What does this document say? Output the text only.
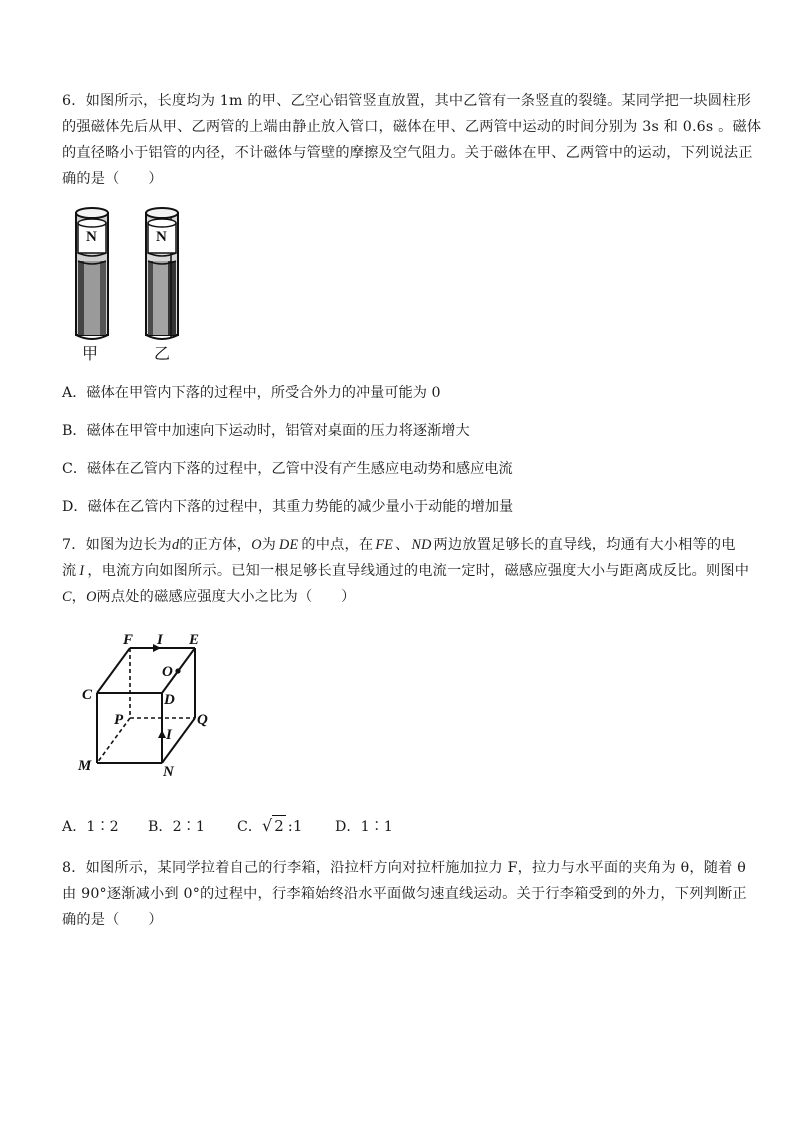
6．如图所示，长度均为 1m 的甲、乙空心铝管竖直放置，其中乙管有一条竖直的裂缝。某同学把一块圆柱形
的强磁体先后从甲、乙两管的上端由静止放入管口，磁体在甲、乙两管中运动的时间分别为 3s 和 0.6s 。磁体
的直径略小于铝管的内径，不计磁体与管壁的摩擦及空气阻力。关于磁体在甲、乙两管中的运动，下列说法正
确的是（　　）
N
甲
N
乙
A．磁体在甲管内下落的过程中，所受合外力的冲量可能为 0
B．磁体在甲管中加速向下运动时，铝管对桌面的压力将逐渐增大
C．磁体在乙管内下落的过程中，乙管中没有产生感应电动势和感应电流
D．磁体在乙管内下落的过程中，其重力势能的减少量小于动能的增加量
7．如图为边长为d的正方体，O为 DE 的中点，在 FE 、 ND 两边放置足够长的直导线，均通有大小相等的电
流 I ，电流方向如图所示。已知一根足够长直导线通过的电流一定时，磁感应强度大小与距离成反比。则图中
C，O两点处的磁感应强度大小之比为（　　）
F I E
O
C	D
P	Q
I
M	N
A．1∶2 B．2∶1 C．√ 2 :1 D．1∶1
8．如图所示，某同学拉着自己的行李箱，沿拉杆方向对拉杆施加拉力 F，拉力与水平面的夹角为 θ，随着 θ
由 90°逐渐减小到 0°的过程中，行李箱始终沿水平面做匀速直线运动。关于行李箱受到的外力，下列判断正
确的是（　　）
